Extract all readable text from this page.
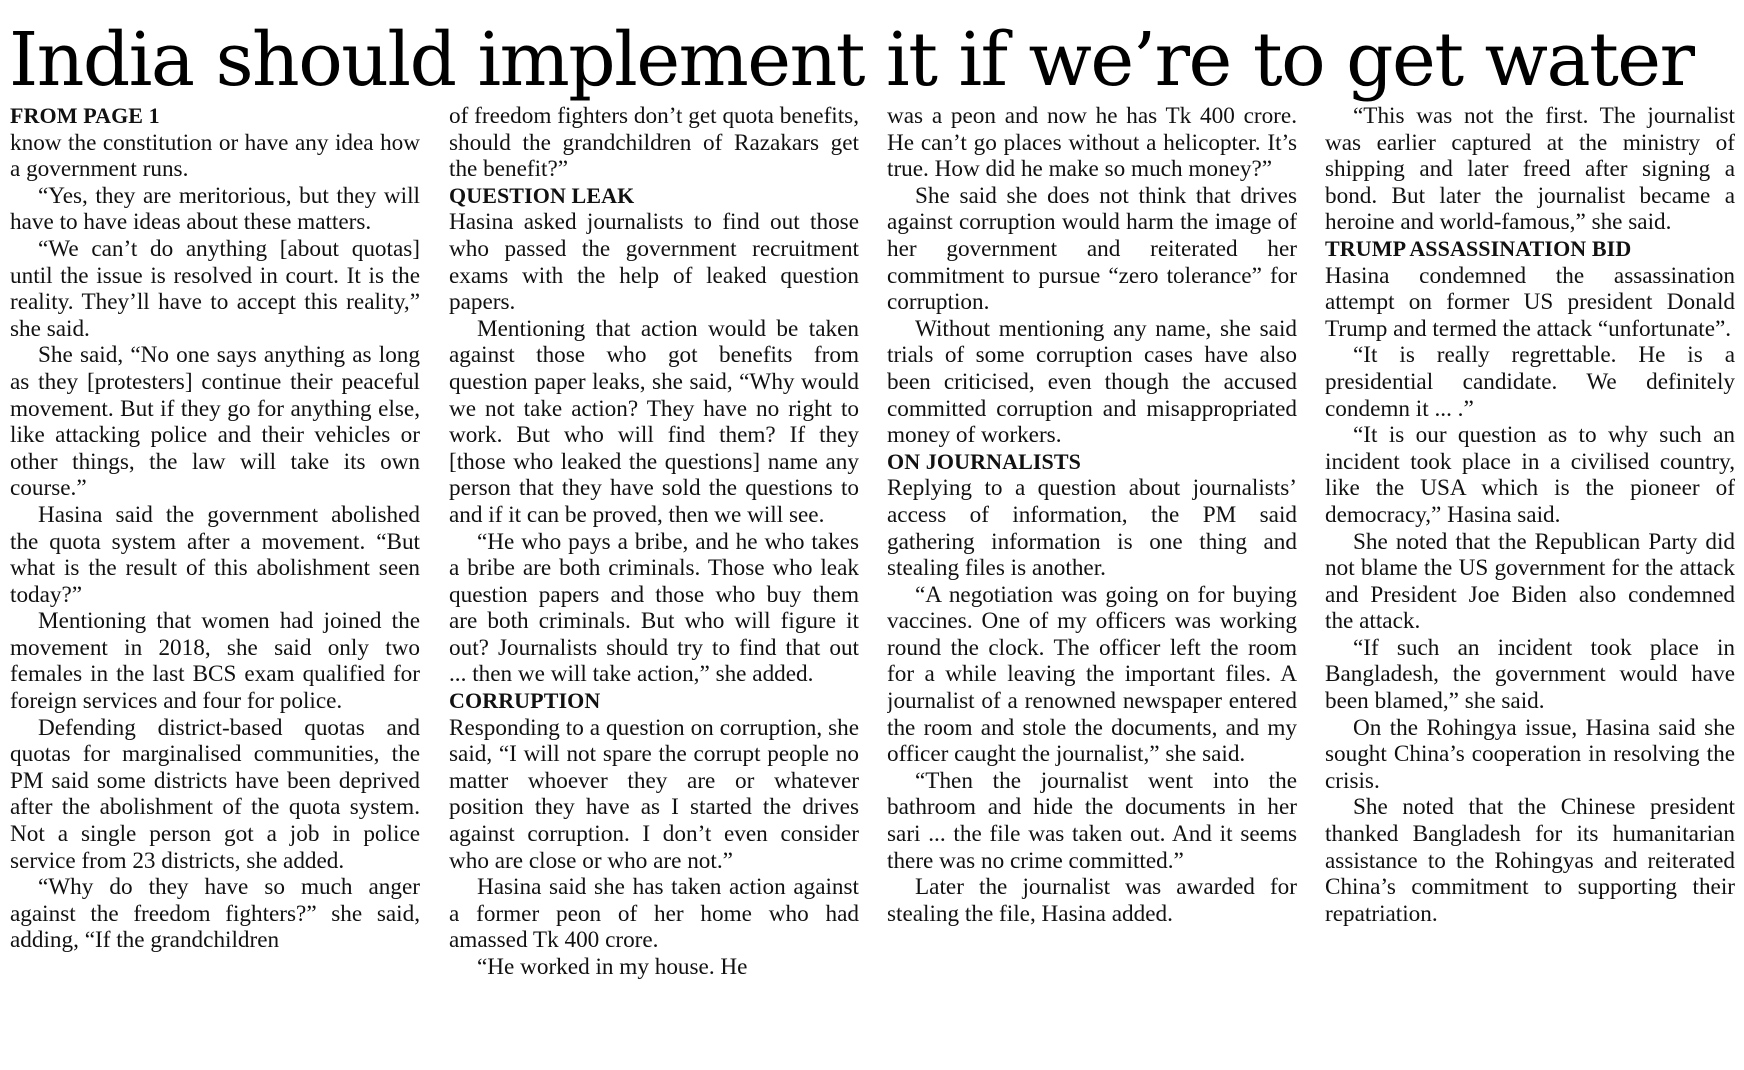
India should implement it if we’re to get water
FROM PAGE 1

know the constitution or have any idea how a government runs.

“Yes, they are meritorious, but they will have to have ideas about these matters.

“We can’t do anything [about quotas] until the issue is resolved in court. It is the reality. They’ll have to accept this reality,” she said.

She said, “No one says anything as long as they [protesters] continue their peaceful movement. But if they go for anything else, like attacking police and their vehicles or other things, the law will take its own course.”

Hasina said the government abolished the quota system after a movement. “But what is the result of this abolishment seen today?”

Mentioning that women had joined the movement in 2018, she said only two females in the last BCS exam qualified for foreign services and four for police.

Defending district-based quotas and quotas for marginalised communities, the PM said some districts have been deprived after the abolishment of the quota system. Not a single person got a job in police service from 23 districts, she added.

“Why do they have so much anger against the freedom fighters?” she said, adding, “If the grandchildren

of freedom fighters don’t get quota benefits, should the grandchildren of Razakars get the benefit?”

QUESTION LEAK

Hasina asked journalists to find out those who passed the government recruitment exams with the help of leaked question papers.

Mentioning that action would be taken against those who got benefits from question paper leaks, she said, “Why would we not take action? They have no right to work. But who will find them? If they [those who leaked the questions] name any person that they have sold the questions to and if it can be proved, then we will see.

“He who pays a bribe, and he who takes a bribe are both criminals. Those who leak question papers and those who buy them are both criminals. But who will figure it out? Journalists should try to find that out ... then we will take action,” she added.

CORRUPTION

Responding to a question on corruption, she said, “I will not spare the corrupt people no matter whoever they are or whatever position they have as I started the drives against corruption. I don’t even consider who are close or who are not.”

Hasina said she has taken action against a former peon of her home who had amassed Tk 400 crore.

“He worked in my house. He

was a peon and now he has Tk 400 crore. He can’t go places without a helicopter. It’s true. How did he make so much money?”

She said she does not think that drives against corruption would harm the image of her government and reiterated her commitment to pursue “zero tolerance” for corruption.

Without mentioning any name, she said trials of some corruption cases have also been criticised, even though the accused committed corruption and misappropriated money of workers.

ON JOURNALISTS

Replying to a question about journalists’ access of information, the PM said gathering information is one thing and stealing files is another.

“A negotiation was going on for buying vaccines. One of my officers was working round the clock. The officer left the room for a while leaving the important files. A journalist of a renowned newspaper entered the room and stole the documents, and my officer caught the journalist,” she said.

“Then the journalist went into the bathroom and hide the documents in her sari ... the file was taken out. And it seems there was no crime committed.”

Later the journalist was awarded for stealing the file, Hasina added.

“This was not the first. The journalist was earlier captured at the ministry of shipping and later freed after signing a bond. But later the journalist became a heroine and world-famous,” she said.

TRUMP ASSASSINATION BID

Hasina condemned the assassination attempt on former US president Donald Trump and termed the attack “unfortunate”.

“It is really regrettable. He is a presidential candidate. We definitely condemn it ... .”

“It is our question as to why such an incident took place in a civilised country, like the USA which is the pioneer of democracy,” Hasina said.

She noted that the Republican Party did not blame the US government for the attack and President Joe Biden also condemned the attack.

“If such an incident took place in Bangladesh, the government would have been blamed,” she said.

On the Rohingya issue, Hasina said she sought China’s cooperation in resolving the crisis.

She noted that the Chinese president thanked Bangladesh for its humanitarian assistance to the Rohingyas and reiterated China’s commitment to supporting their repatriation.
